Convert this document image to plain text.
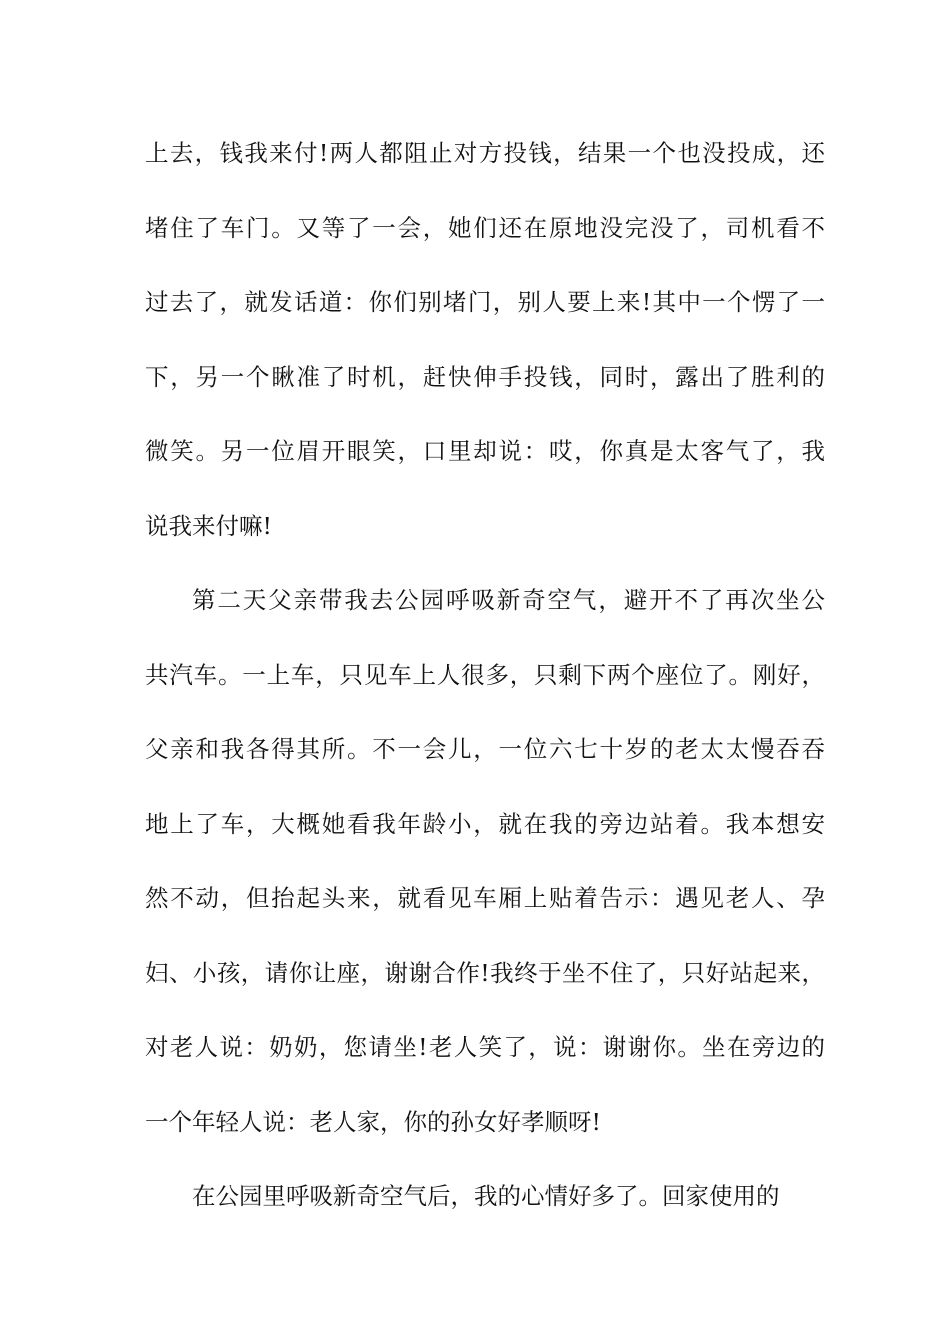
上去，钱我来付!两人都阻止对方投钱，结果一个也没投成，还
堵住了车门。又等了一会，她们还在原地没完没了，司机看不
过去了，就发话道：你们别堵门，别人要上来!其中一个愣了一
下，另一个瞅准了时机，赶快伸手投钱，同时，露出了胜利的
微笑。另一位眉开眼笑，口里却说：哎，你真是太客气了，我
说我来付嘛!
第二天父亲带我去公园呼吸新奇空气，避开不了再次坐公
共汽车。一上车，只见车上人很多，只剩下两个座位了。刚好，
父亲和我各得其所。不一会儿，一位六七十岁的老太太慢吞吞
地上了车，大概她看我年龄小，就在我的旁边站着。我本想安
然不动，但抬起头来，就看见车厢上贴着告示：遇见老人、孕
妇、小孩，请你让座，谢谢合作!我终于坐不住了，只好站起来，
对老人说：奶奶，您请坐!老人笑了，说：谢谢你。坐在旁边的
一个年轻人说：老人家，你的孙女好孝顺呀!
在公园里呼吸新奇空气后，我的心情好多了。回家使用的
